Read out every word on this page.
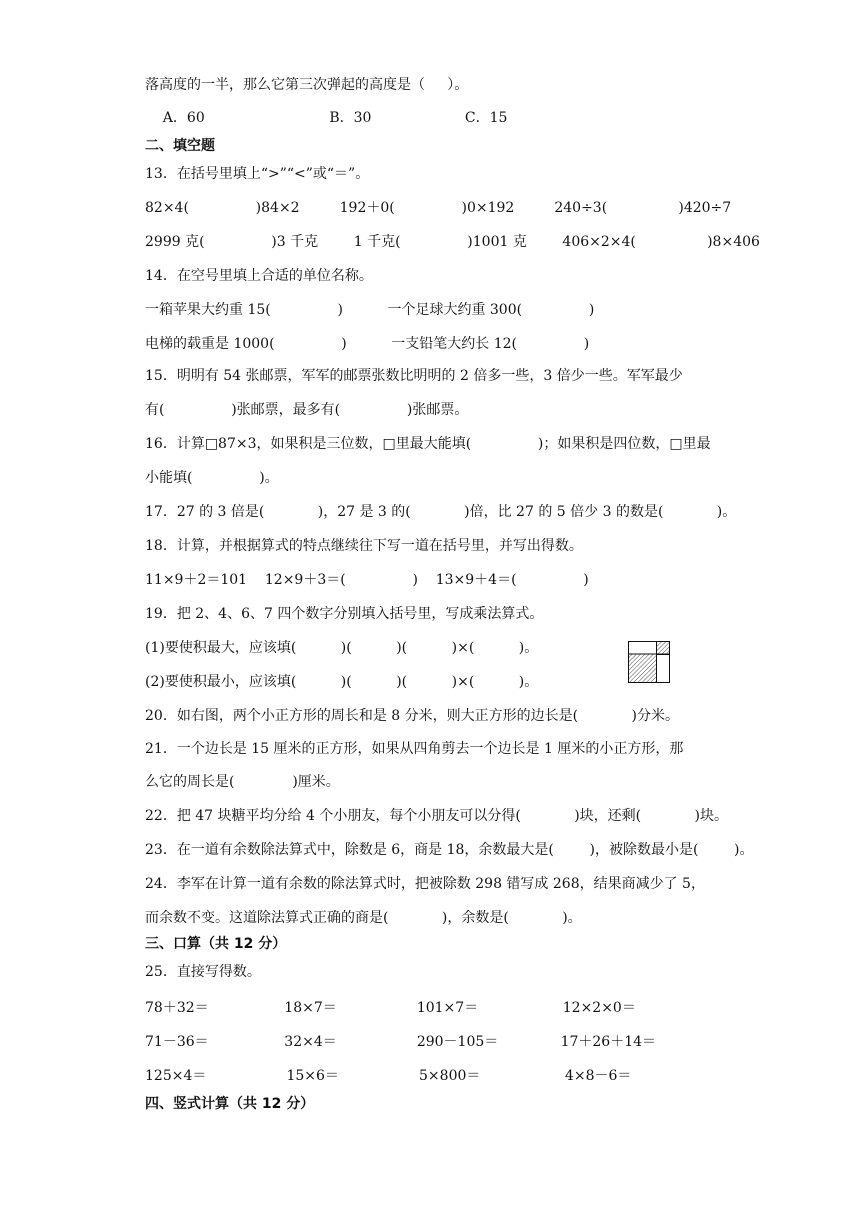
落高度的一半，那么它第三次弹起的高度是（     ）。
A．60                            B．30                     C．15
二、填空题
13．在括号里填上“>”“<”或“＝”。
82×4(               )84×2         192＋0(               )0×192         240÷3(                )420÷7
2999 克(               )3 千克        1 千克(               )1001 克        406×2×4(                )8×406
14．在空号里填上合适的单位名称。
一箱苹果大约重 15(               )          一个足球大约重 300(               )
电梯的载重是 1000(               )          一支铅笔大约长 12(               )
15．明明有 54 张邮票，军军的邮票张数比明明的 2 倍多一些，3 倍少一些。军军最少
有(               )张邮票，最多有(               )张邮票。
16．计算□87×3，如果积是三位数，□里最大能填(               )；如果积是四位数，□里最
小能填(               )。
17．27 的 3 倍是(            )，27 是 3 的(            )倍，比 27 的 5 倍少 3 的数是(            )。
18．计算，并根据算式的特点继续往下写一道在括号里，并写出得数。
11×9＋2＝101    12×9＋3＝(               )    13×9＋4＝(               )
19．把 2、4、6、7 四个数字分别填入括号里，写成乘法算式。
(1)要使积最大，应该填(          )(          )(          )×(          )。
(2)要使积最小，应该填(          )(          )(          )×(          )。
20．如右图，两个小正方形的周长和是 8 分米，则大正方形的边长是(            )分米。
21．一个边长是 15 厘米的正方形，如果从四角剪去一个边长是 1 厘米的小正方形，那
么它的周长是(             )厘米。
22．把 47 块糖平均分给 4 个小朋友，每个小朋友可以分得(            )块，还剩(            )块。
23．在一道有余数除法算式中，除数是 6，商是 18，余数最大是(        )，被除数最小是(        )。
24．李军在计算一道有余数的除法算式时，把被除数 298 错写成 268，结果商减少了 5，
而余数不变。这道除法算式正确的商是(            )，余数是(            )。
三、口算（共 12 分）
25．直接写得数。
78＋32＝                 18×7＝                  101×7＝                   12×2×0＝
71－36＝                 32×4＝                  290－105＝              17＋26＋14＝
125×4＝                  15×6＝                  5×800＝                   4×8－6＝
四、竖式计算（共 12 分）
